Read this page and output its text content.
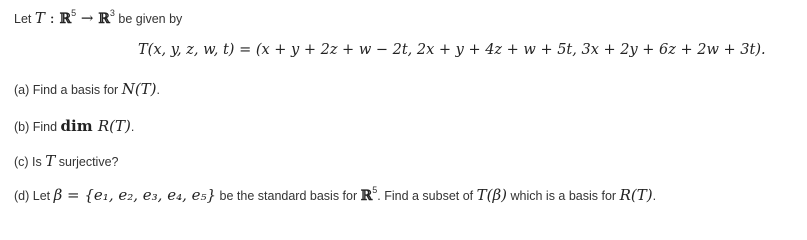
Let T : ℝ$^5$ → ℝ$^3$ be given by
T(x, y, z, w, t) = (x + y + 2z + w − 2t, 2x + y + 4z + w + 5t, 3x + 2y + 6z + 2w + 3t).
(a) Find a basis for N(T).
(b) Find dim R(T).
(c) Is T surjective?
(d) Let β = {e₁, e₂, e₃, e₄, e₅} be the standard basis for ℝ$^5$. Find a subset of T(β) which is a basis for R(T).
